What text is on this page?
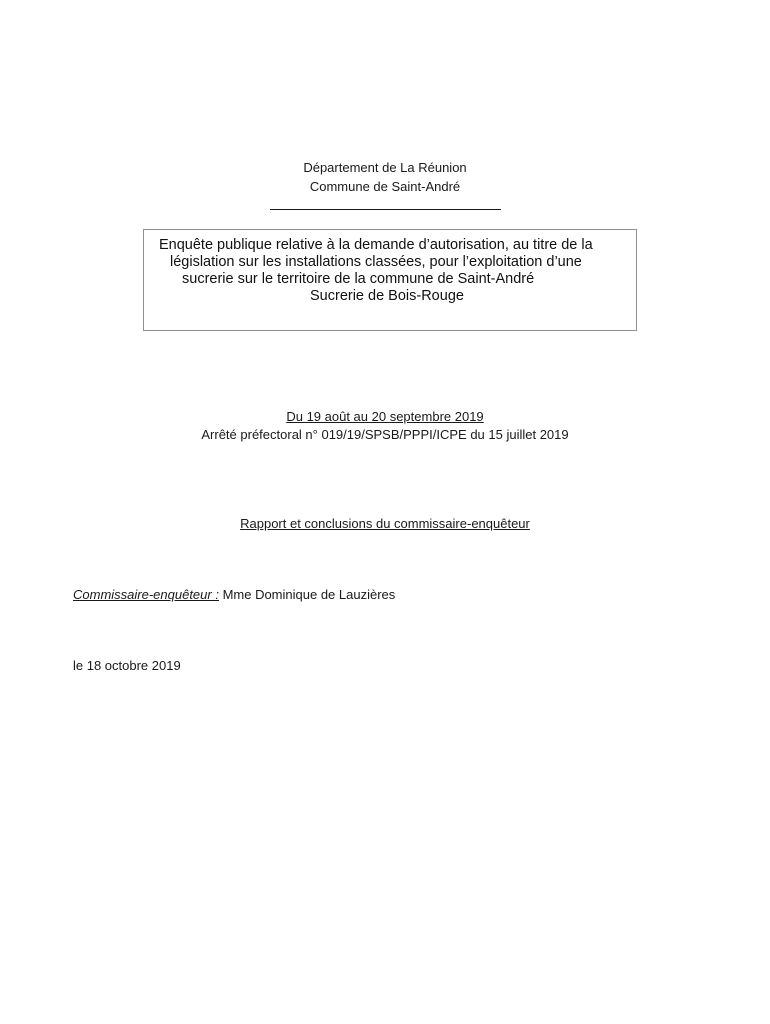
Département de La Réunion
Commune de Saint-André
Enquête publique relative à la demande d’autorisation, au titre de la
législation sur les installations classées, pour l’exploitation d’une
sucrerie sur le territoire de la commune de Saint-André
Sucrerie de Bois-Rouge
Du 19 août au 20 septembre 2019
Arrêté préfectoral n° 019/19/SPSB/PPPI/ICPE du 15 juillet 2019
Rapport et conclusions du commissaire-enquêteur
Commissaire-enquêteur : Mme Dominique de Lauzières
le 18 octobre 2019
